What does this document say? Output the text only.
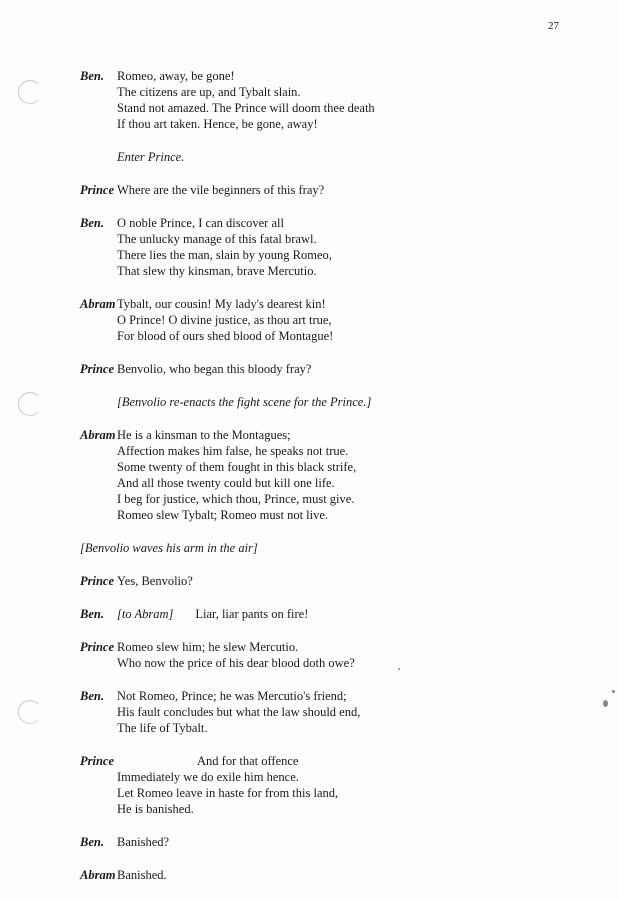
27
Ben.	Romeo, away, be gone!
The citizens are up, and Tybalt slain.
Stand not amazed. The Prince will doom thee death
If thou art taken. Hence, be gone, away!
Enter Prince.
Prince Where are the vile beginners of this fray?
Ben.	O noble Prince, I can discover all
The unlucky manage of this fatal brawl.
There lies the man, slain by young Romeo,
That slew thy kinsman, brave Mercutio.
Abram Tybalt, our cousin! My lady's dearest kin!
O Prince! O divine justice, as thou art true,
For blood of ours shed blood of Montague!
Prince Benvolio, who began this bloody fray?
[Benvolio re-enacts the fight scene for the Prince.]
Abram He is a kinsman to the Montagues;
Affection makes him false, he speaks not true.
Some twenty of them fought in this black strife,
And all those twenty could but kill one life.
I beg for justice, which thou, Prince, must give.
Romeo slew Tybalt; Romeo must not live.
[Benvolio waves his arm in the air]
Prince Yes, Benvolio?
Ben.	[to Abram] Liar, liar pants on fire!
Prince Romeo slew him; he slew Mercutio.
Who now the price of his dear blood doth owe?
Ben.	Not Romeo, Prince; he was Mercutio's friend;
His fault concludes but what the law should end,
The life of Tybalt.
Prince	And for that offence
Immediately we do exile him hence.
Let Romeo leave in haste for from this land,
He is banished.
Ben.	Banished?
Abram Banished.
